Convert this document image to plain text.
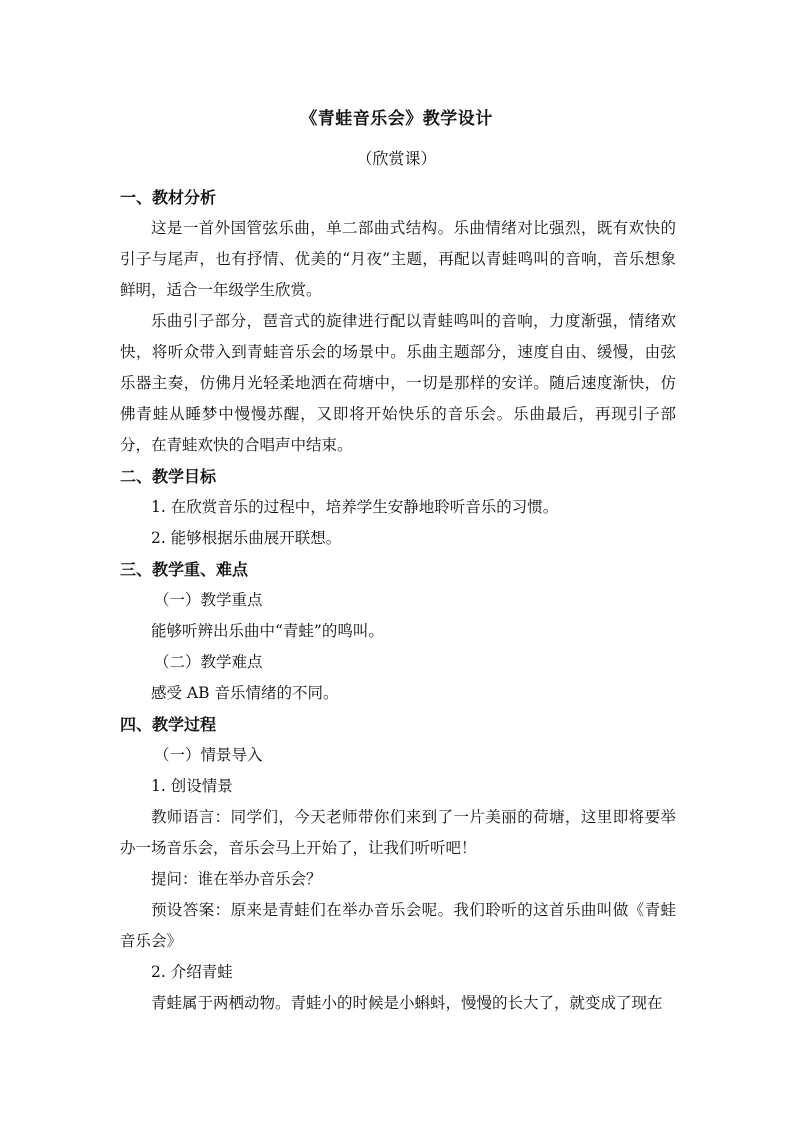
《青蛙音乐会》教学设计
（欣赏课）
一、教材分析

这是一首外国管弦乐曲，单二部曲式结构。乐曲情绪对比强烈，既有欢快的引子与尾声，也有抒情、优美的“月夜”主题，再配以青蛙鸣叫的音响，音乐想象鲜明，适合一年级学生欣赏。

乐曲引子部分，琶音式的旋律进行配以青蛙鸣叫的音响，力度渐强，情绪欢快，将听众带入到青蛙音乐会的场景中。乐曲主题部分，速度自由、缓慢，由弦乐器主奏，仿佛月光轻柔地洒在荷塘中，一切是那样的安详。随后速度渐快，仿佛青蛙从睡梦中慢慢苏醒，又即将开始快乐的音乐会。乐曲最后，再现引子部分，在青蛙欢快的合唱声中结束。

二、教学目标

1. 在欣赏音乐的过程中，培养学生安静地聆听音乐的习惯。

2. 能够根据乐曲展开联想。

三、教学重、难点

（一）教学重点

能够听辨出乐曲中“青蛙”的鸣叫。

（二）教学难点

感受 AB 音乐情绪的不同。

四、教学过程

（一）情景导入

1. 创设情景

教师语言：同学们，今天老师带你们来到了一片美丽的荷塘，这里即将要举办一场音乐会，音乐会马上开始了，让我们听听吧！

提问：谁在举办音乐会？

预设答案：原来是青蛙们在举办音乐会呢。我们聆听的这首乐曲叫做《青蛙音乐会》

2. 介绍青蛙

青蛙属于两栖动物。青蛙小的时候是小蝌蚪，慢慢的长大了，就变成了现在
